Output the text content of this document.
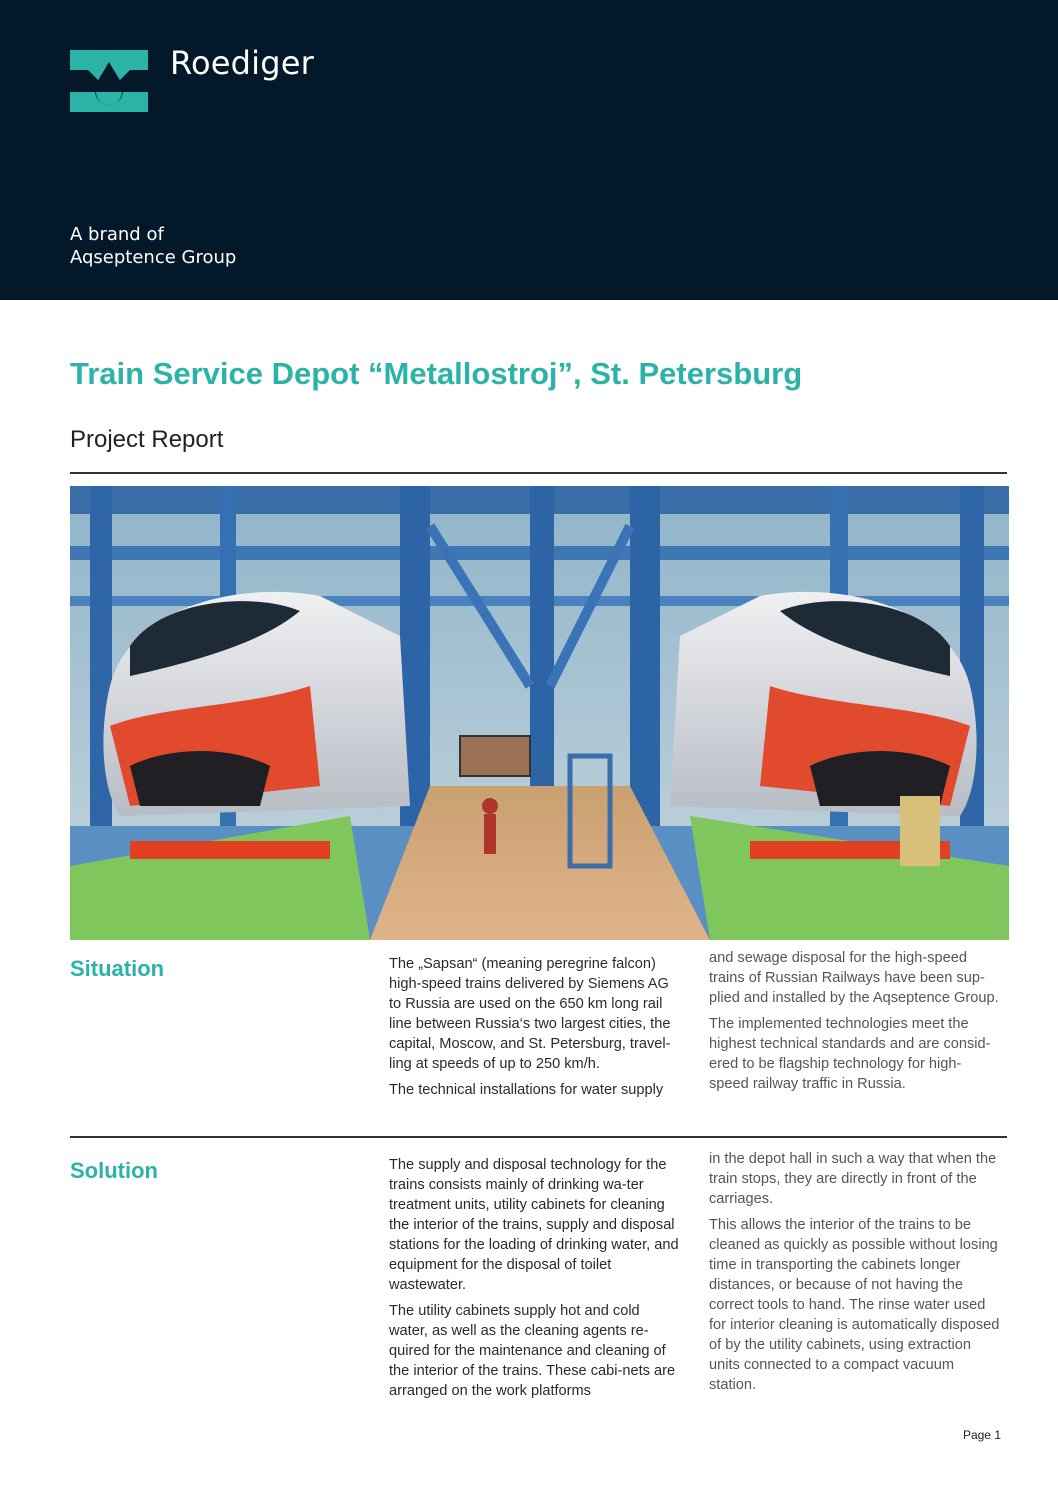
Roediger
A brand of
Aqseptence Group
Train Service Depot “Metallostroj”, St. Petersburg
Project Report
Situation	The „Sapsan“ (meaning peregrine falcon) high-speed trains delivered by Siemens AG to Russia are used on the 650 km long rail line between Russia‘s two largest cities, the capital, Moscow, and St. Petersburg, travel-ling at speeds of up to 250 km/h.

The technical installations for water supply

and sewage disposal for the high-speed trains of Russian Railways have been sup-plied and installed by the Aqseptence Group.

The implemented technologies meet the highest technical standards and are consid-ered to be flagship technology for high-speed railway traffic in Russia.

Solution	The supply and disposal technology for the trains consists mainly of drinking wa-ter treatment units, utility cabinets for cleaning the interior of the trains, supply and disposal stations for the loading of drinking water, and equipment for the disposal of toilet wastewater.

The utility cabinets supply hot and cold water, as well as the cleaning agents re-quired for the maintenance and cleaning of the interior of the trains. These cabi-nets are arranged on the work platforms

in the depot hall in such a way that when the train stops, they are directly in front of the carriages.

This allows the interior of the trains to be cleaned as quickly as possible without losing time in transporting the cabinets longer distances, or because of not having the correct tools to hand. The rinse water used for interior cleaning is automatically disposed of by the utility cabinets, using extraction units connected to a compact vacuum station.

Page 1
